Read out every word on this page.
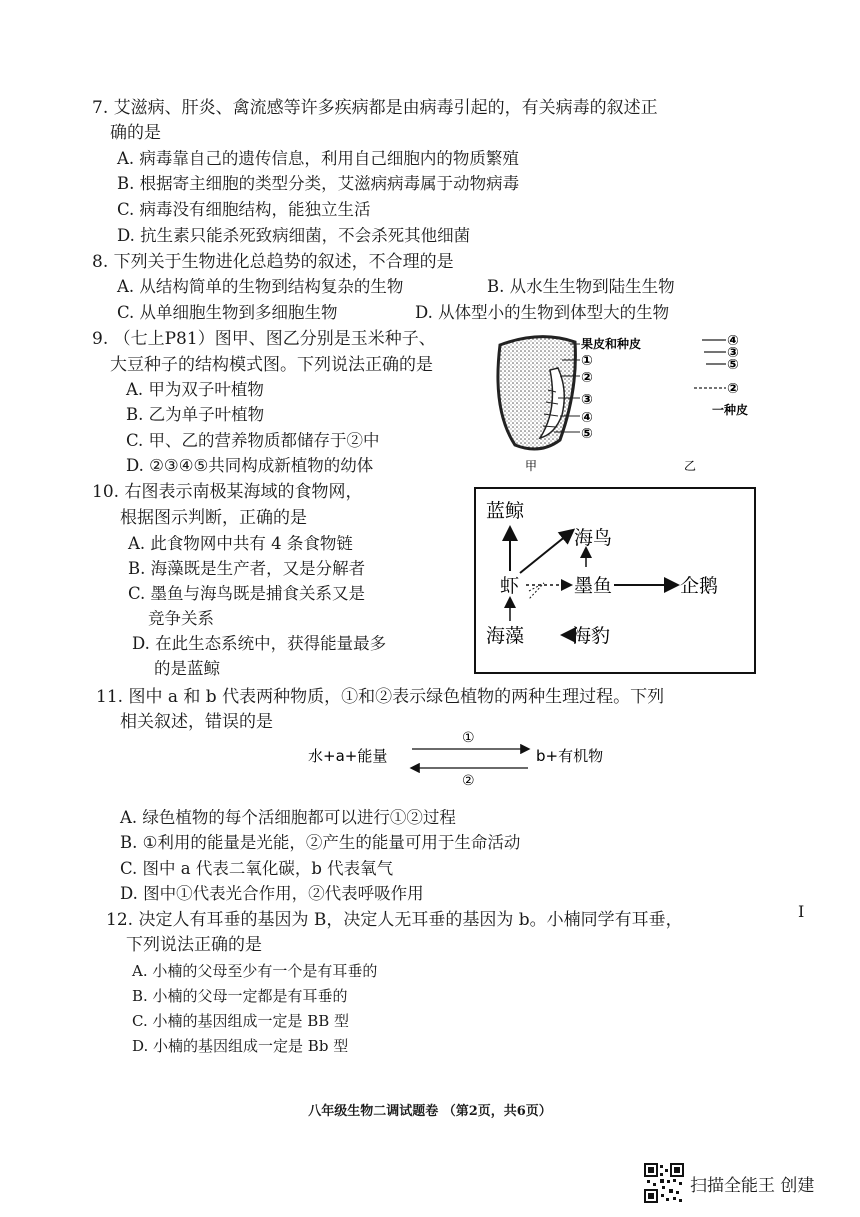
7. 艾滋病、肝炎、禽流感等许多疾病都是由病毒引起的，有关病毒的叙述正
确的是
A. 病毒靠自己的遗传信息，利用自己细胞内的物质繁殖
B. 根据寄主细胞的类型分类，艾滋病病毒属于动物病毒
C. 病毒没有细胞结构，能独立生活
D. 抗生素只能杀死致病细菌，不会杀死其他细菌
8. 下列关于生物进化总趋势的叙述，不合理的是
A. 从结构简单的生物到结构复杂的生物	B. 从水生生物到陆生生物
C. 从单细胞生物到多细胞生物	D. 从体型小的生物到体型大的生物
9. （七上P81）图甲、图乙分别是玉米种子、
大豆种子的结构模式图。下列说法正确的是
A. 甲为双子叶植物
B. 乙为单子叶植物
C. 甲、乙的营养物质都储存于②中
D. ②③④⑤共同构成新植物的幼体
果皮和种皮
①
②
③
④
⑤
甲
④
③
⑤
②
一种皮
乙
10. 右图表示南极某海域的食物网，
根据图示判断，正确的是
A. 此食物网中共有 4 条食物链
B. 海藻既是生产者，又是分解者
C. 墨鱼与海鸟既是捕食关系又是
竞争关系
D. 在此生态系统中，获得能量最多
的是蓝鲸
蓝鲸
海鸟
虾	墨鱼	企鹅
海藻	海豹
11. 图中 a 和 b 代表两种物质，①和②表示绿色植物的两种生理过程。下列
相关叙述，错误的是
水+a+能量	b+有机物
①
②
A. 绿色植物的每个活细胞都可以进行①②过程
B. ①利用的能量是光能，②产生的能量可用于生命活动
C. 图中 a 代表二氧化碳，b 代表氧气
D. 图中①代表光合作用，②代表呼吸作用
12. 决定人有耳垂的基因为 B，决定人无耳垂的基因为 b。小楠同学有耳垂，
下列说法正确的是
A. 小楠的父母至少有一个是有耳垂的
B. 小楠的父母一定都是有耳垂的
C. 小楠的基因组成一定是 BB 型
D. 小楠的基因组成一定是 Bb 型
I
八年级生物二调试题卷 （第2页，共6页）
扫描全能王 创建
